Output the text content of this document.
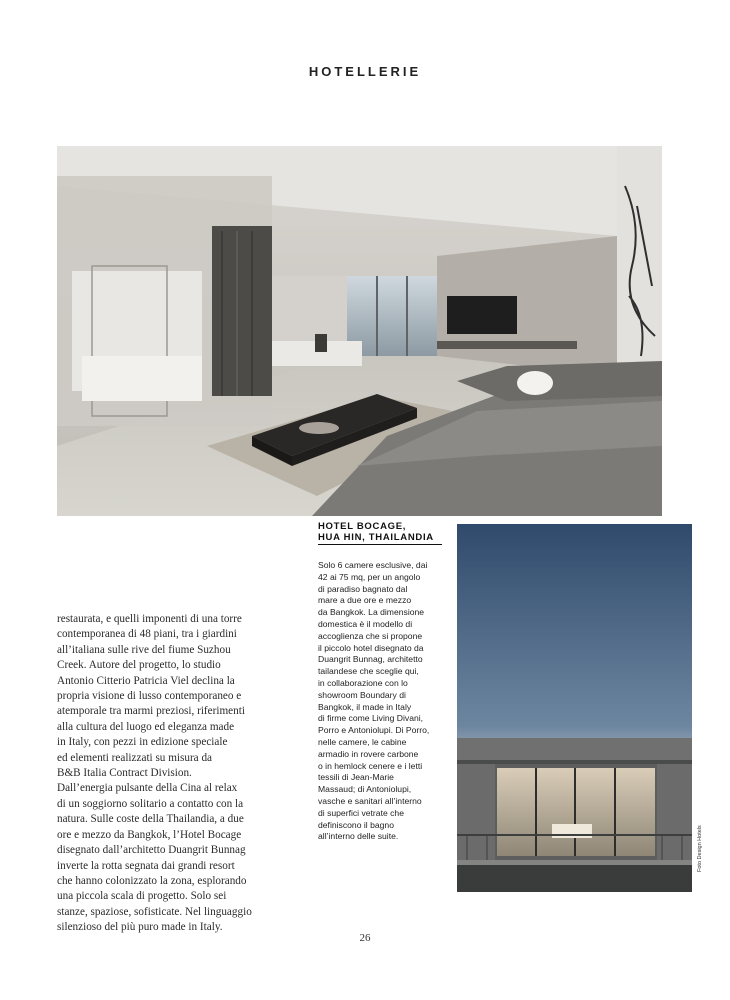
HOTELLERIE
HOTEL BOCAGE,
HUA HIN, THAILANDIA
Solo 6 camere esclusive, dai
42 ai 75 mq, per un angolo
di paradiso bagnato dal
mare a due ore e mezzo
da Bangkok. La dimensione
domestica è il modello di
accoglienza che si propone
il piccolo hotel disegnato da
Duangrit Bunnag, architetto
tailandese che sceglie qui,
in collaborazione con lo
showroom Boundary di
Bangkok, il made in Italy
di firme come Living Divani,
Porro e Antoniolupi. Di Porro,
nelle camere, le cabine
armadio in rovere carbone
o in hemlock cenere e i letti
tessili di Jean-Marie
Massaud; di Antoniolupi,
vasche e sanitari all’interno
di superfici vetrate che
definiscono il bagno
all’interno delle suite.
restaurata, e quelli imponenti di una torre
contemporanea di 48 piani, tra i giardini
all’italiana sulle rive del fiume Suzhou
Creek. Autore del progetto, lo studio
Antonio Citterio Patricia Viel declina la
propria visione di lusso contemporaneo e
atemporale tra marmi preziosi, riferimenti
alla cultura del luogo ed eleganza made
in Italy, con pezzi in edizione speciale
ed elementi realizzati su misura da
B&B Italia Contract Division.
Dall’energia pulsante della Cina al relax
di un soggiorno solitario a contatto con la
natura. Sulle coste della Thailandia, a due
ore e mezzo da Bangkok, l’Hotel Bocage
disegnato dall’architetto Duangrit Bunnag
inverte la rotta segnata dai grandi resort
che hanno colonizzato la zona, esplorando
una piccola scala di progetto. Solo sei
stanze, spaziose, sofisticate. Nel linguaggio
silenzioso del più puro made in Italy.
Foto Design Hotels
26
